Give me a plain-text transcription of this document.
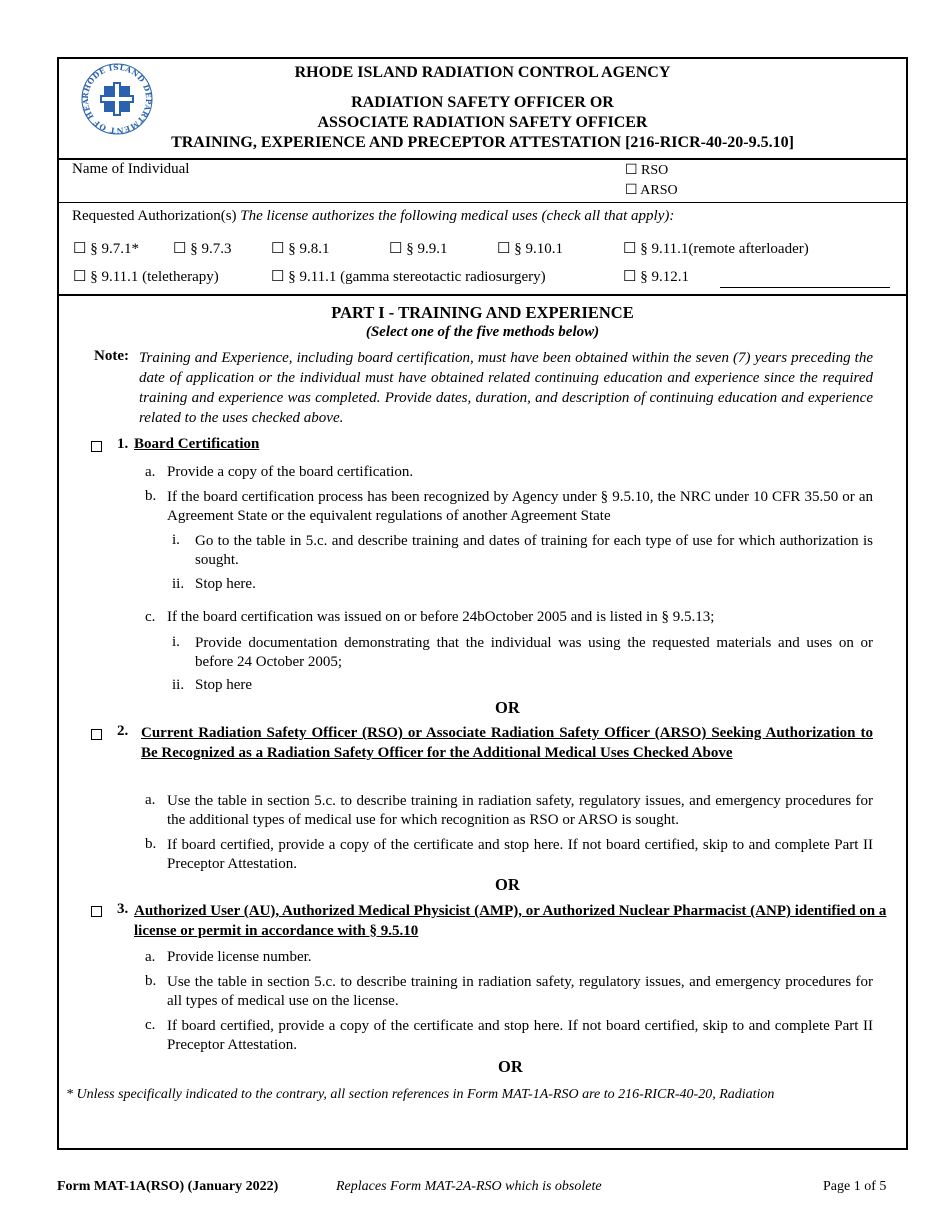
RHODE ISLAND DEPARTMENT OF HEA
RHODE ISLAND RADIATION CONTROL AGENCY
RADIATION SAFETY OFFICER OR
ASSOCIATE RADIATION SAFETY OFFICER
TRAINING, EXPERIENCE AND PRECEPTOR ATTESTATION [216-RICR-40-20-9.5.10]
Name of Individual	☐ RSO
☐ ARSO
Requested Authorization(s) The license authorizes the following medical uses (check all that apply):
☐ § 9.7.1* ☐ § 9.7.3	☐ § 9.8.1	☐ § 9.9.1	☐ § 9.10.1	☐ § 9.11.1(remote afterloader)
☐ § 9.11.1 (teletherapy)	☐ § 9.11.1 (gamma stereotactic radiosurgery)	☐ § 9.12.1
PART I - TRAINING AND EXPERIENCE
(Select one of the five methods below)
Note: Training and Experience, including board certification, must have been obtained within the seven (7) years preceding the date of application or the individual must have obtained related continuing education and experience since the required training and experience was completed. Provide dates, duration, and description of continuing education and experience related to the uses checked above.
1. Board Certification
a. Provide a copy of the board certification.
b. If the board certification process has been recognized by Agency under § 9.5.10, the NRC under 10 CFR 35.50 or an Agreement State or the equivalent regulations of another Agreement State
i. Go to the table in 5.c. and describe training and dates of training for each type of use for which authorization is sought.
ii. Stop here.
c. If the board certification was issued on or before 24bOctober 2005 and is listed in § 9.5.13;
i. Provide documentation demonstrating that the individual was using the requested materials and uses on or before 24 October 2005;
ii. Stop here
OR
2. Current Radiation Safety Officer (RSO) or Associate Radiation Safety Officer (ARSO) Seeking Authorization to Be Recognized as a Radiation Safety Officer for the Additional Medical Uses Checked Above
a. Use the table in section 5.c. to describe training in radiation safety, regulatory issues, and emergency procedures for the additional types of medical use for which recognition as RSO or ARSO is sought.
b. If board certified, provide a copy of the certificate and stop here. If not board certified, skip to and complete Part II Preceptor Attestation.
OR
3. Authorized User (AU), Authorized Medical Physicist (AMP), or Authorized Nuclear Pharmacist (ANP) identified on a license or permit in accordance with § 9.5.10
a. Provide license number.
b. Use the table in section 5.c. to describe training in radiation safety, regulatory issues, and emergency procedures for all types of medical use on the license.
c. If board certified, provide a copy of the certificate and stop here. If not board certified, skip to and complete Part II Preceptor Attestation.
OR
* Unless specifically indicated to the contrary, all section references in Form MAT-1A-RSO are to 216-RICR-40-20, Radiation
Form MAT-1A(RSO) (January 2022)	Replaces Form MAT-2A-RSO which is obsolete	Page 1 of 5
